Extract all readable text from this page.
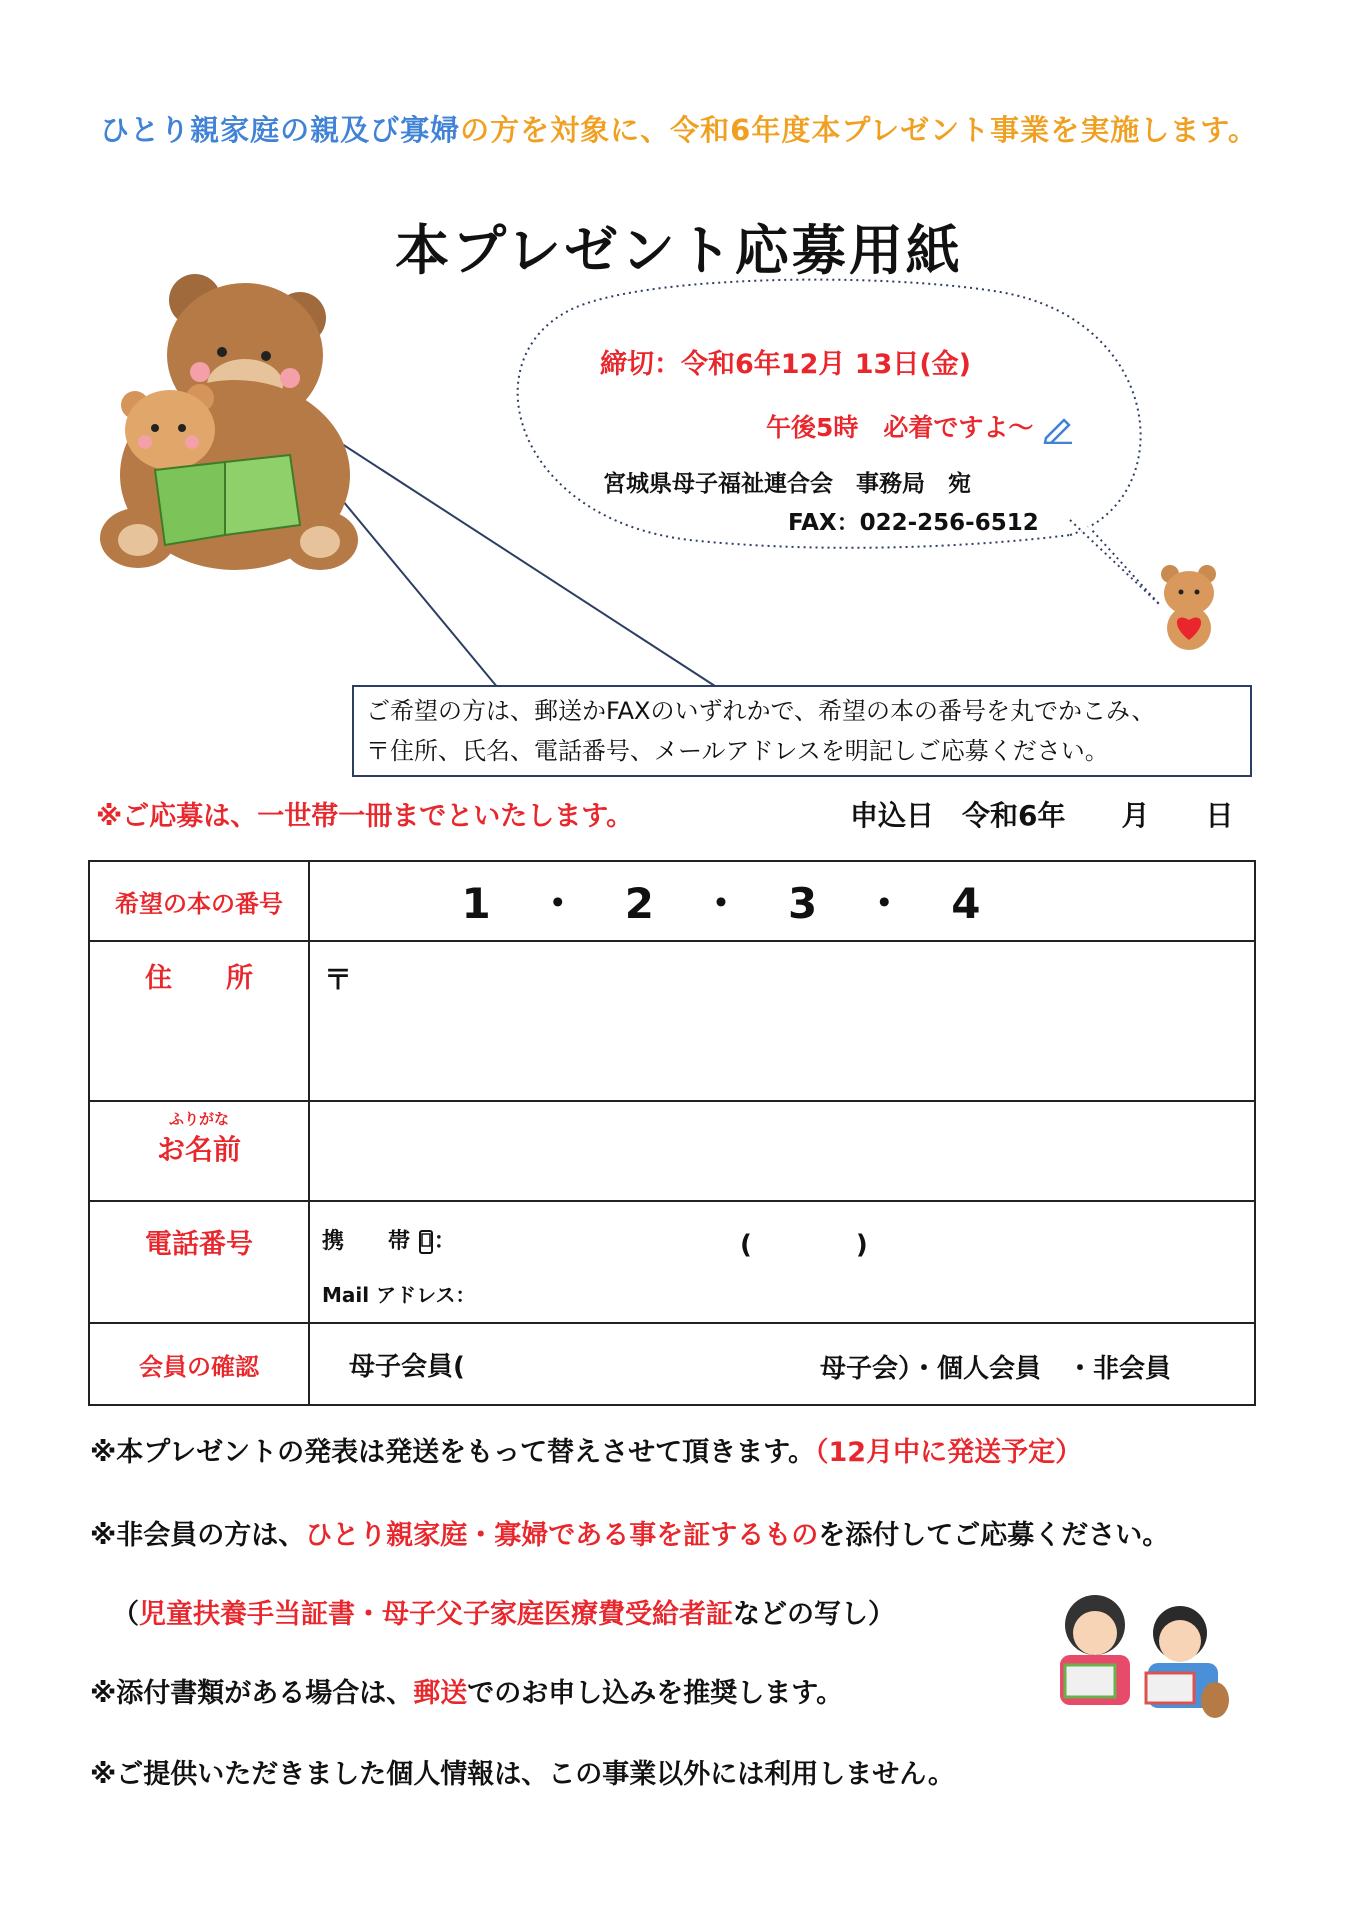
ひとり親家庭の親及び寡婦の方を対象に、令和6年度本プレゼント事業を実施します。
本プレゼント応募用紙
締切：令和6年12月 13日(金)
午後5時　必着ですよ〜
宮城県母子福祉連合会　事務局　宛
FAX：022-256-6512
ご希望の方は、郵送かFAXのいずれかで、希望の本の番号を丸でかこみ、
〒住所、氏名、電話番号、メールアドレスを明記しご応募ください。
※ご応募は、一世帯一冊までといたします。	申込日　令和6年　　月　　日
希望の本の番号	1　・　2　・　3　・　4

住　　所	〒

ふりがな
お名前	

電話番号	携　　帯 ： (　　　　)
Mail アドレス：

会員の確認	母子会員( 母子会）・個人会員　・非会員
※本プレゼントの発表は発送をもって替えさせて頂きます。（12月中に発送予定）
※非会員の方は、ひとり親家庭・寡婦である事を証するものを添付してご応募ください。
（児童扶養手当証書・母子父子家庭医療費受給者証などの写し）
※添付書類がある場合は、郵送でのお申し込みを推奨します。
※ご提供いただきました個人情報は、この事業以外には利用しません。
